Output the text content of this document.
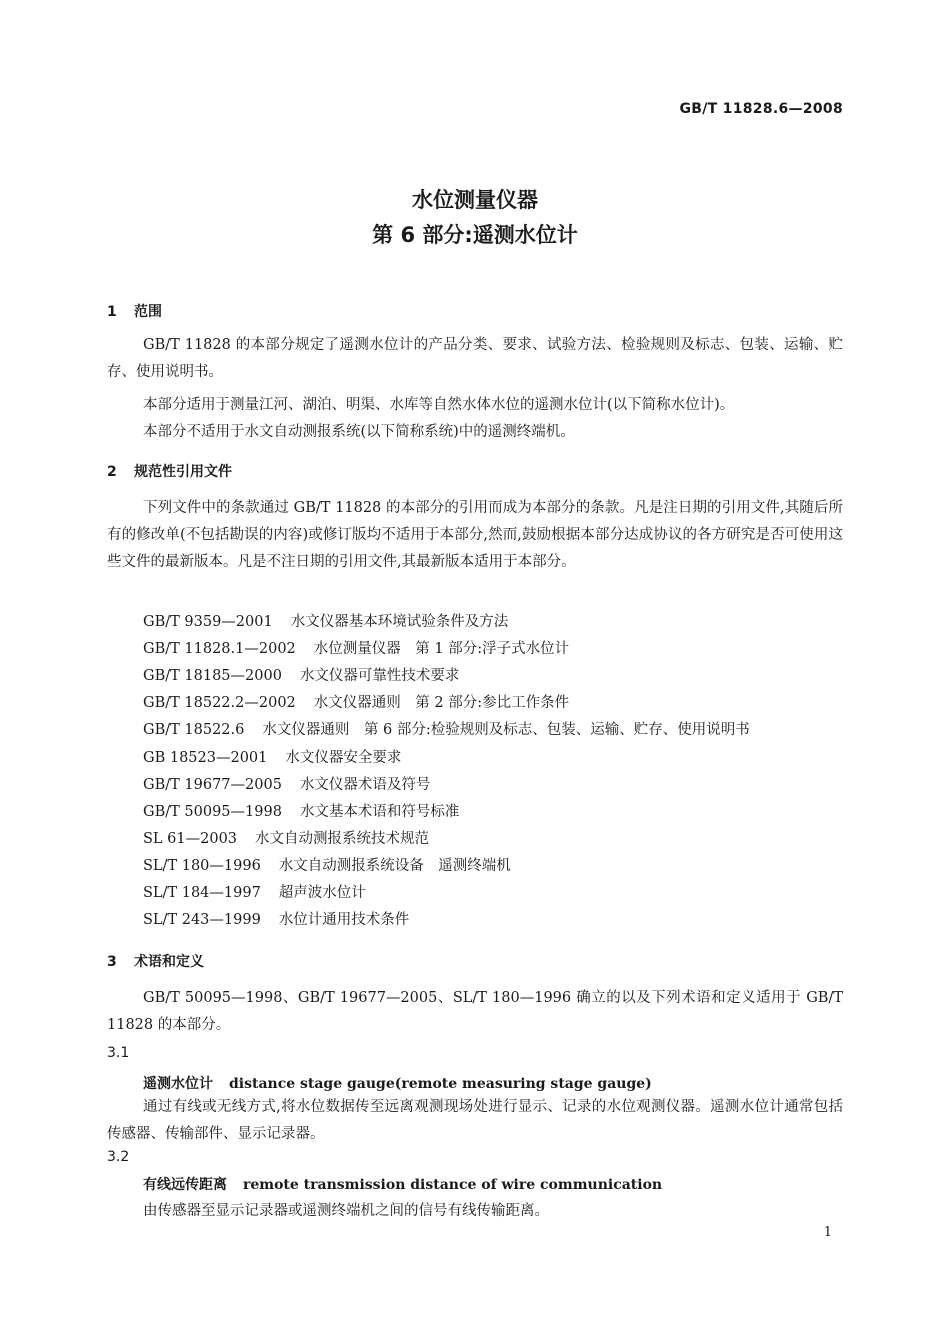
GB/T 11828.6—2008
水位测量仪器
第 6 部分:遥测水位计
1 范围
GB/T 11828 的本部分规定了遥测水位计的产品分类、要求、试验方法、检验规则及标志、包装、运输、贮存、使用说明书。
本部分适用于测量江河、湖泊、明渠、水库等自然水体水位的遥测水位计(以下简称水位计)。
本部分不适用于水文自动测报系统(以下简称系统)中的遥测终端机。
2 规范性引用文件
下列文件中的条款通过 GB/T 11828 的本部分的引用而成为本部分的条款。凡是注日期的引用文件,其随后所有的修改单(不包括勘误的内容)或修订版均不适用于本部分,然而,鼓励根据本部分达成协议的各方研究是否可使用这些文件的最新版本。凡是不注日期的引用文件,其最新版本适用于本部分。
GB/T 9359—2001 水文仪器基本环境试验条件及方法
GB/T 11828.1—2002 水位测量仪器　第 1 部分:浮子式水位计
GB/T 18185—2000 水文仪器可靠性技术要求
GB/T 18522.2—2002 水文仪器通则　第 2 部分:参比工作条件
GB/T 18522.6 水文仪器通则　第 6 部分:检验规则及标志、包装、运输、贮存、使用说明书
GB 18523—2001 水文仪器安全要求
GB/T 19677—2005 水文仪器术语及符号
GB/T 50095—1998 水文基本术语和符号标准
SL 61—2003 水文自动测报系统技术规范
SL/T 180—1996 水文自动测报系统设备　遥测终端机
SL/T 184—1997 超声波水位计
SL/T 243—1999 水位计通用技术条件
3 术语和定义
GB/T 50095—1998、GB/T 19677—2005、SL/T 180—1996 确立的以及下列术语和定义适用于 GB/T 11828 的本部分。
3.1
遥测水位计 distance stage gauge(remote measuring stage gauge)
通过有线或无线方式,将水位数据传至远离观测现场处进行显示、记录的水位观测仪器。遥测水位计通常包括传感器、传输部件、显示记录器。
3.2
有线远传距离 remote transmission distance of wire communication
由传感器至显示记录器或遥测终端机之间的信号有线传输距离。
1
